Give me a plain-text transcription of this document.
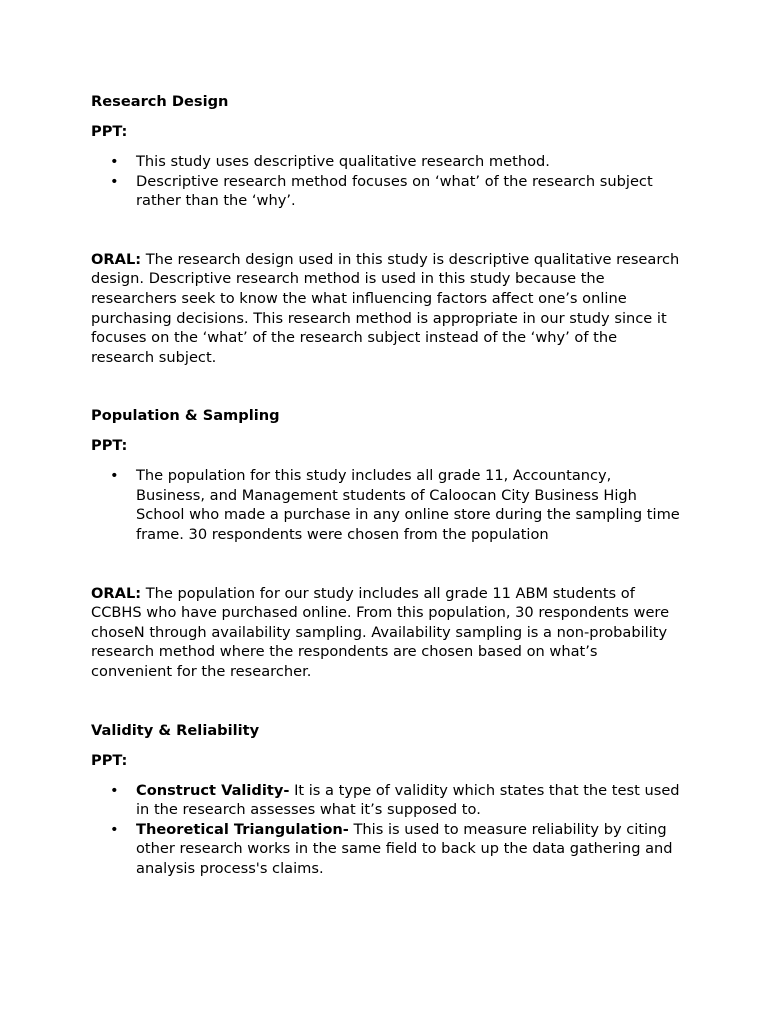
Research Design

PPT:

• This study uses descriptive qualitative research method.
• Descriptive research method focuses on ‘what’ of the research subject rather than the ‘why’.

ORAL: The research design used in this study is descriptive qualitative research design. Descriptive research method is used in this study because the researchers seek to know the what influencing factors affect one’s online purchasing decisions. This research method is appropriate in our study since it focuses on the ‘what’ of the research subject instead of the ‘why’ of the research subject.

Population & Sampling

PPT:

• The population for this study includes all grade 11, Accountancy, Business, and Management students of Caloocan City Business High School who made a purchase in any online store during the sampling time frame. 30 respondents were chosen from the population

ORAL: The population for our study includes all grade 11 ABM students of CCBHS who have purchased online. From this population, 30 respondents were choseN through availability sampling. Availability sampling is a non-probability research method where the respondents are chosen based on what’s convenient for the researcher.

Validity & Reliability

PPT:

• Construct Validity- It is a type of validity which states that the test used in the research assesses what it’s supposed to.
• Theoretical Triangulation- This is used to measure reliability by citing other research works in the same field to back up the data gathering and analysis process's claims.
